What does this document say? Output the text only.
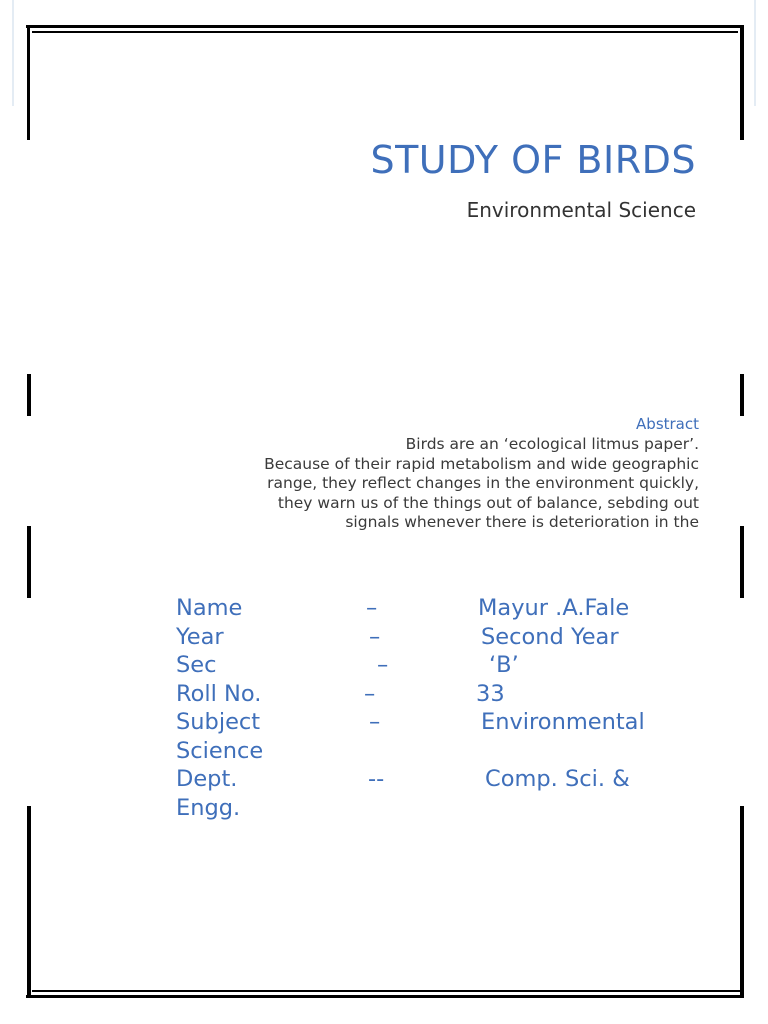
STUDY OF BIRDS
Environmental Science
Abstract
Birds are an ‘ecological litmus paper’.
Because of their rapid metabolism and wide geographic
range, they reflect changes in the environment quickly,
they warn us of the things out of balance, sebding out
signals whenever there is deterioration in the
Name	–	Mayur .A.Fale
Year	–	Second Year
Sec	–	‘B’
Roll No.	–	33
Subject	–	Environmental
Science
Dept.	--	Comp. Sci. &
Engg.
